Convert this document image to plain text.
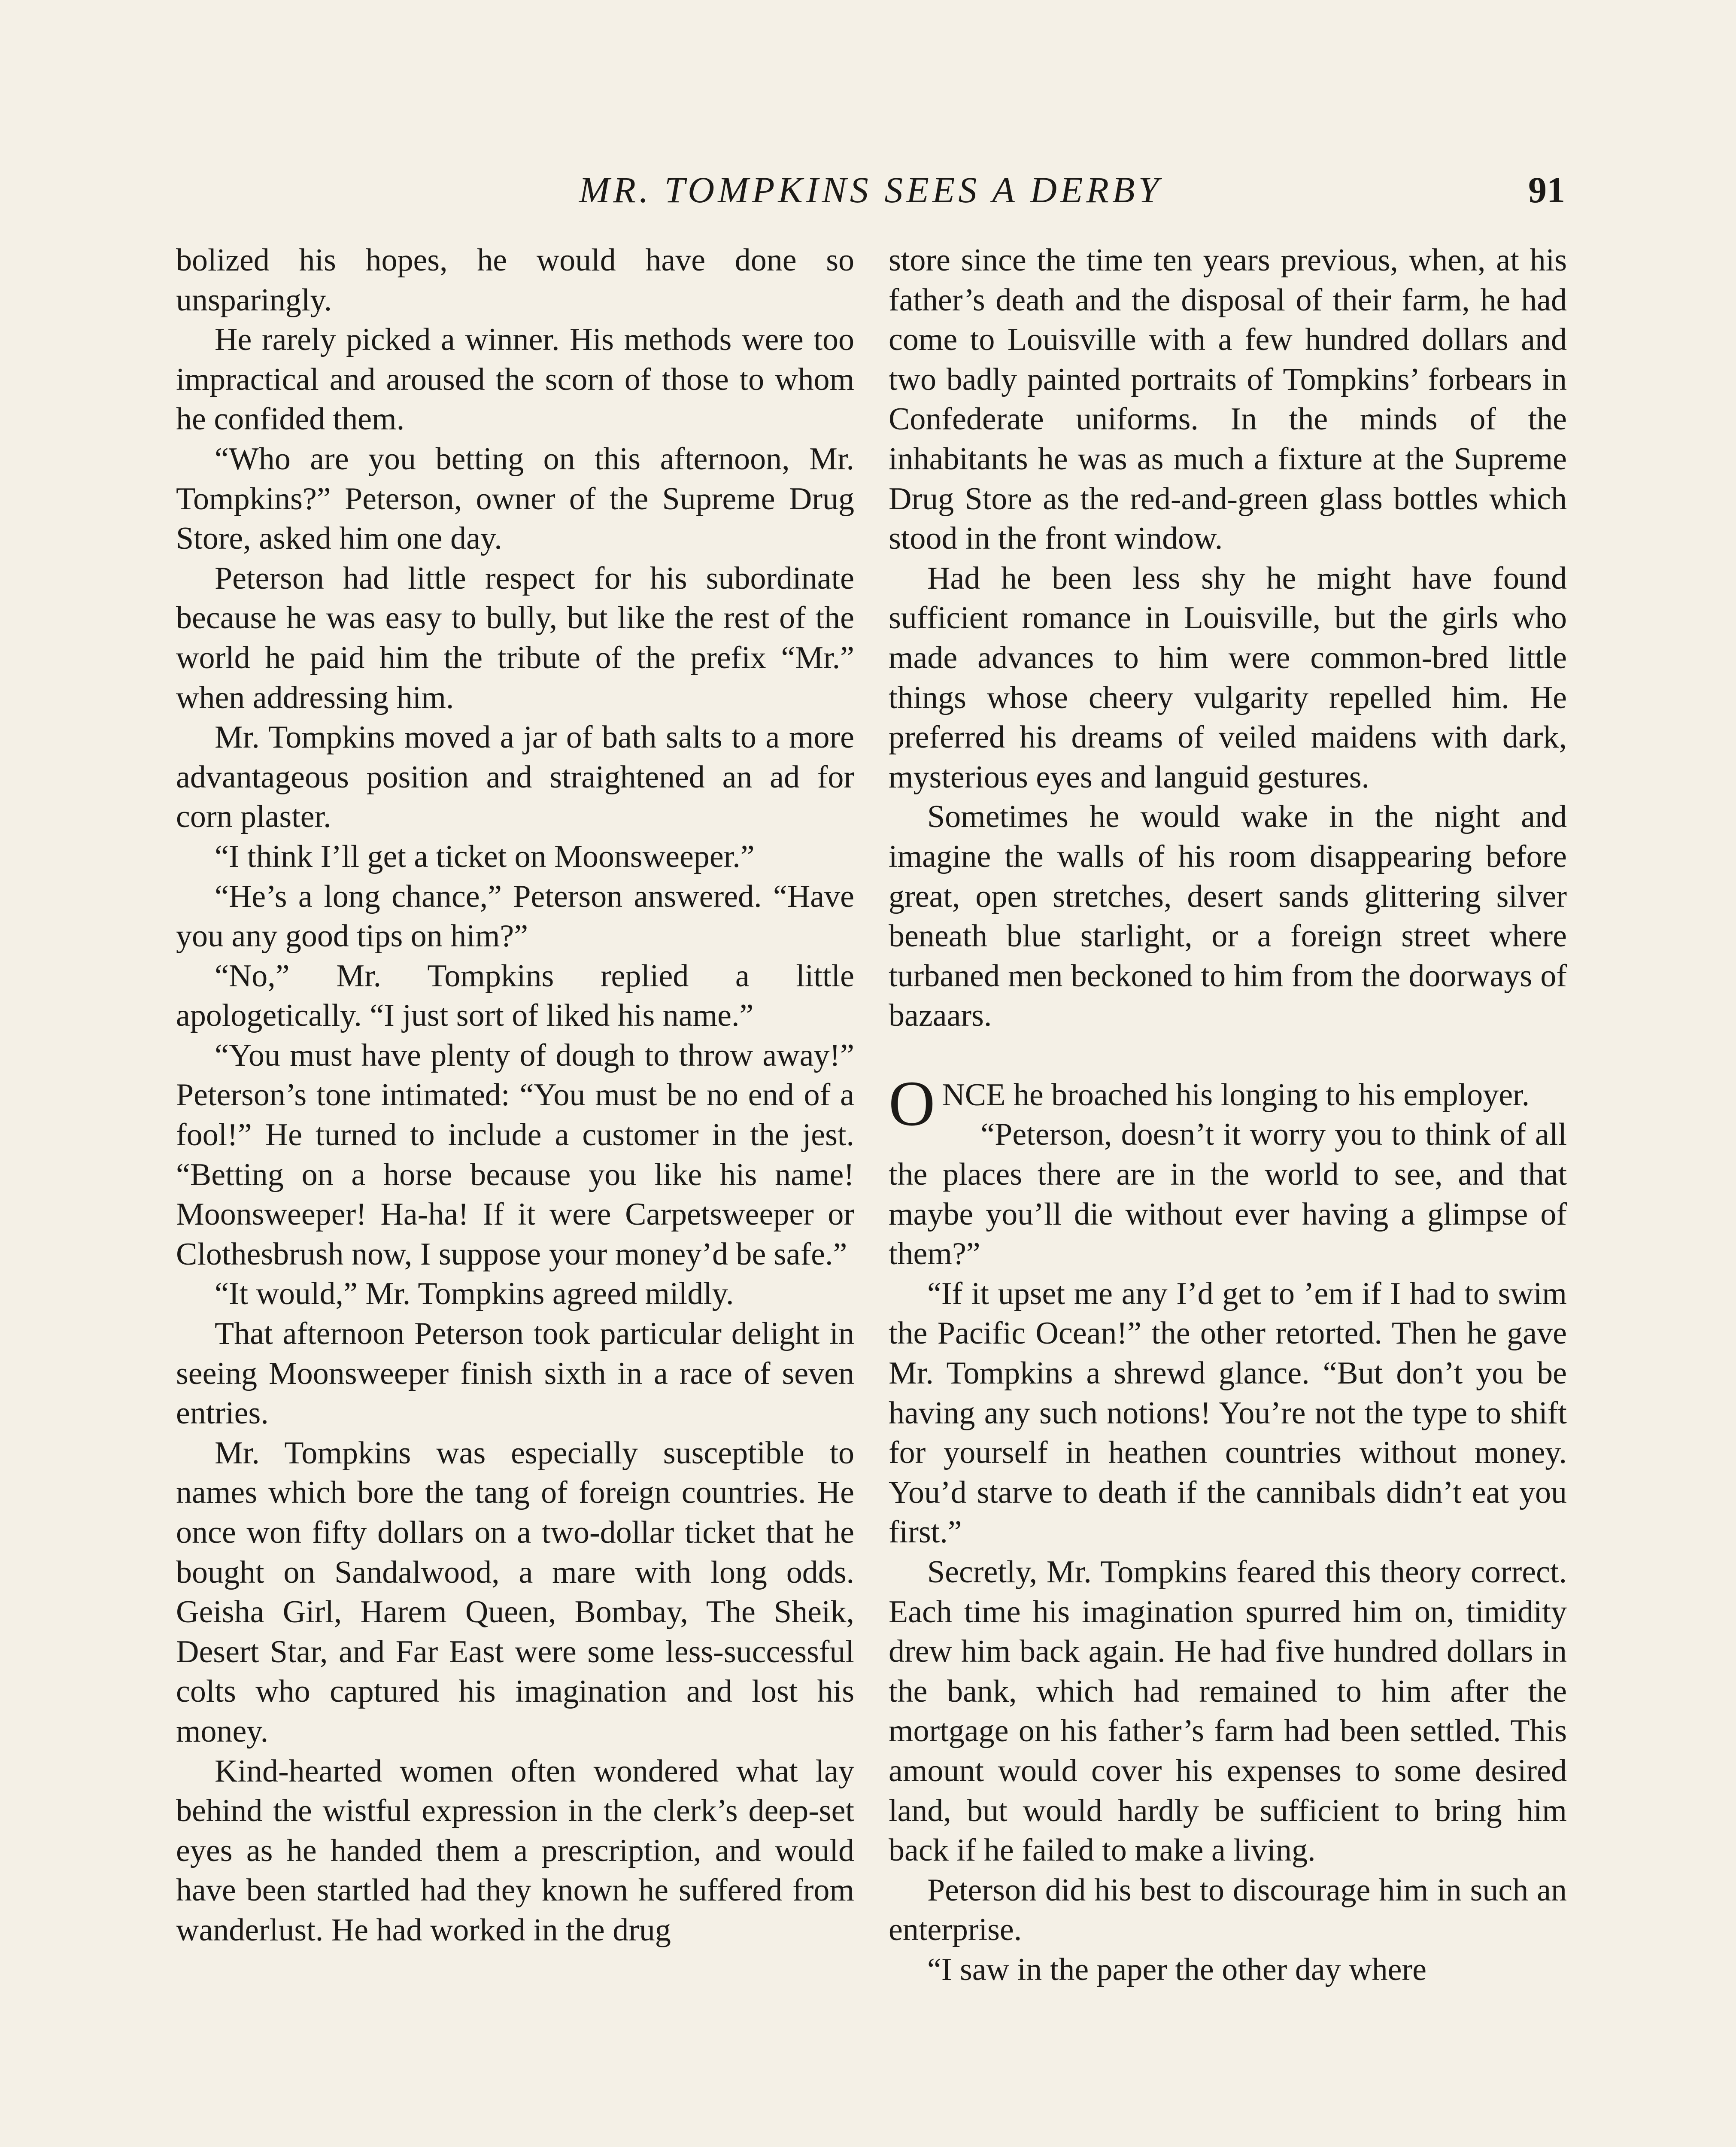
MR. TOMPKINS SEES A DERBY	91

bolized his hopes, he would have done so unsparingly.

He rarely picked a winner. His methods were too impractical and aroused the scorn of those to whom he confided them.

“Who are you betting on this afternoon, Mr. Tompkins?” Peterson, owner of the Supreme Drug Store, asked him one day.

Peterson had little respect for his subordinate because he was easy to bully, but like the rest of the world he paid him the tribute of the prefix “Mr.” when addressing him.

Mr. Tompkins moved a jar of bath salts to a more advantageous position and straightened an ad for corn plaster.

“I think I’ll get a ticket on Moonsweeper.”

“He’s a long chance,” Peterson answered. “Have you any good tips on him?”

“No,” Mr. Tompkins replied a little apologetically. “I just sort of liked his name.”

“You must have plenty of dough to throw away!” Peterson’s tone intimated: “You must be no end of a fool!” He turned to include a customer in the jest. “Betting on a horse because you like his name! Moonsweeper! Ha-ha! If it were Carpetsweeper or Clothesbrush now, I suppose your money’d be safe.”

“It would,” Mr. Tompkins agreed mildly.

That afternoon Peterson took particular delight in seeing Moonsweeper finish sixth in a race of seven entries.

Mr. Tompkins was especially susceptible to names which bore the tang of foreign countries. He once won fifty dollars on a two-dollar ticket that he bought on Sandalwood, a mare with long odds. Geisha Girl, Harem Queen, Bombay, The Sheik, Desert Star, and Far East were some less-successful colts who captured his imagination and lost his money.

Kind-hearted women often wondered what lay behind the wistful expression in the clerk’s deep-set eyes as he handed them a prescription, and would have been startled had they known he suffered from wanderlust. He had worked in the drug

store since the time ten years previous, when, at his father’s death and the disposal of their farm, he had come to Louisville with a few hundred dollars and two badly painted portraits of Tompkins’ forbears in Confederate uniforms. In the minds of the inhabitants he was as much a fixture at the Supreme Drug Store as the red-and-green glass bottles which stood in the front window.

Had he been less shy he might have found sufficient romance in Louisville, but the girls who made advances to him were common-bred little things whose cheery vulgarity repelled him. He preferred his dreams of veiled maidens with dark, mysterious eyes and languid gestures.

Sometimes he would wake in the night and imagine the walls of his room disappearing before great, open stretches, desert sands glittering silver beneath blue starlight, or a foreign street where turbaned men beckoned to him from the doorways of bazaars.

ONCE he broached his longing to his employer.

“Peterson, doesn’t it worry you to think of all the places there are in the world to see, and that maybe you’ll die without ever having a glimpse of them?”

“If it upset me any I’d get to ’em if I had to swim the Pacific Ocean!” the other retorted. Then he gave Mr. Tompkins a shrewd glance. “But don’t you be having any such notions! You’re not the type to shift for yourself in heathen countries without money. You’d starve to death if the cannibals didn’t eat you first.”

Secretly, Mr. Tompkins feared this theory correct. Each time his imagination spurred him on, timidity drew him back again. He had five hundred dollars in the bank, which had remained to him after the mortgage on his father’s farm had been settled. This amount would cover his expenses to some desired land, but would hardly be sufficient to bring him back if he failed to make a living.

Peterson did his best to discourage him in such an enterprise.

“I saw in the paper the other day where
